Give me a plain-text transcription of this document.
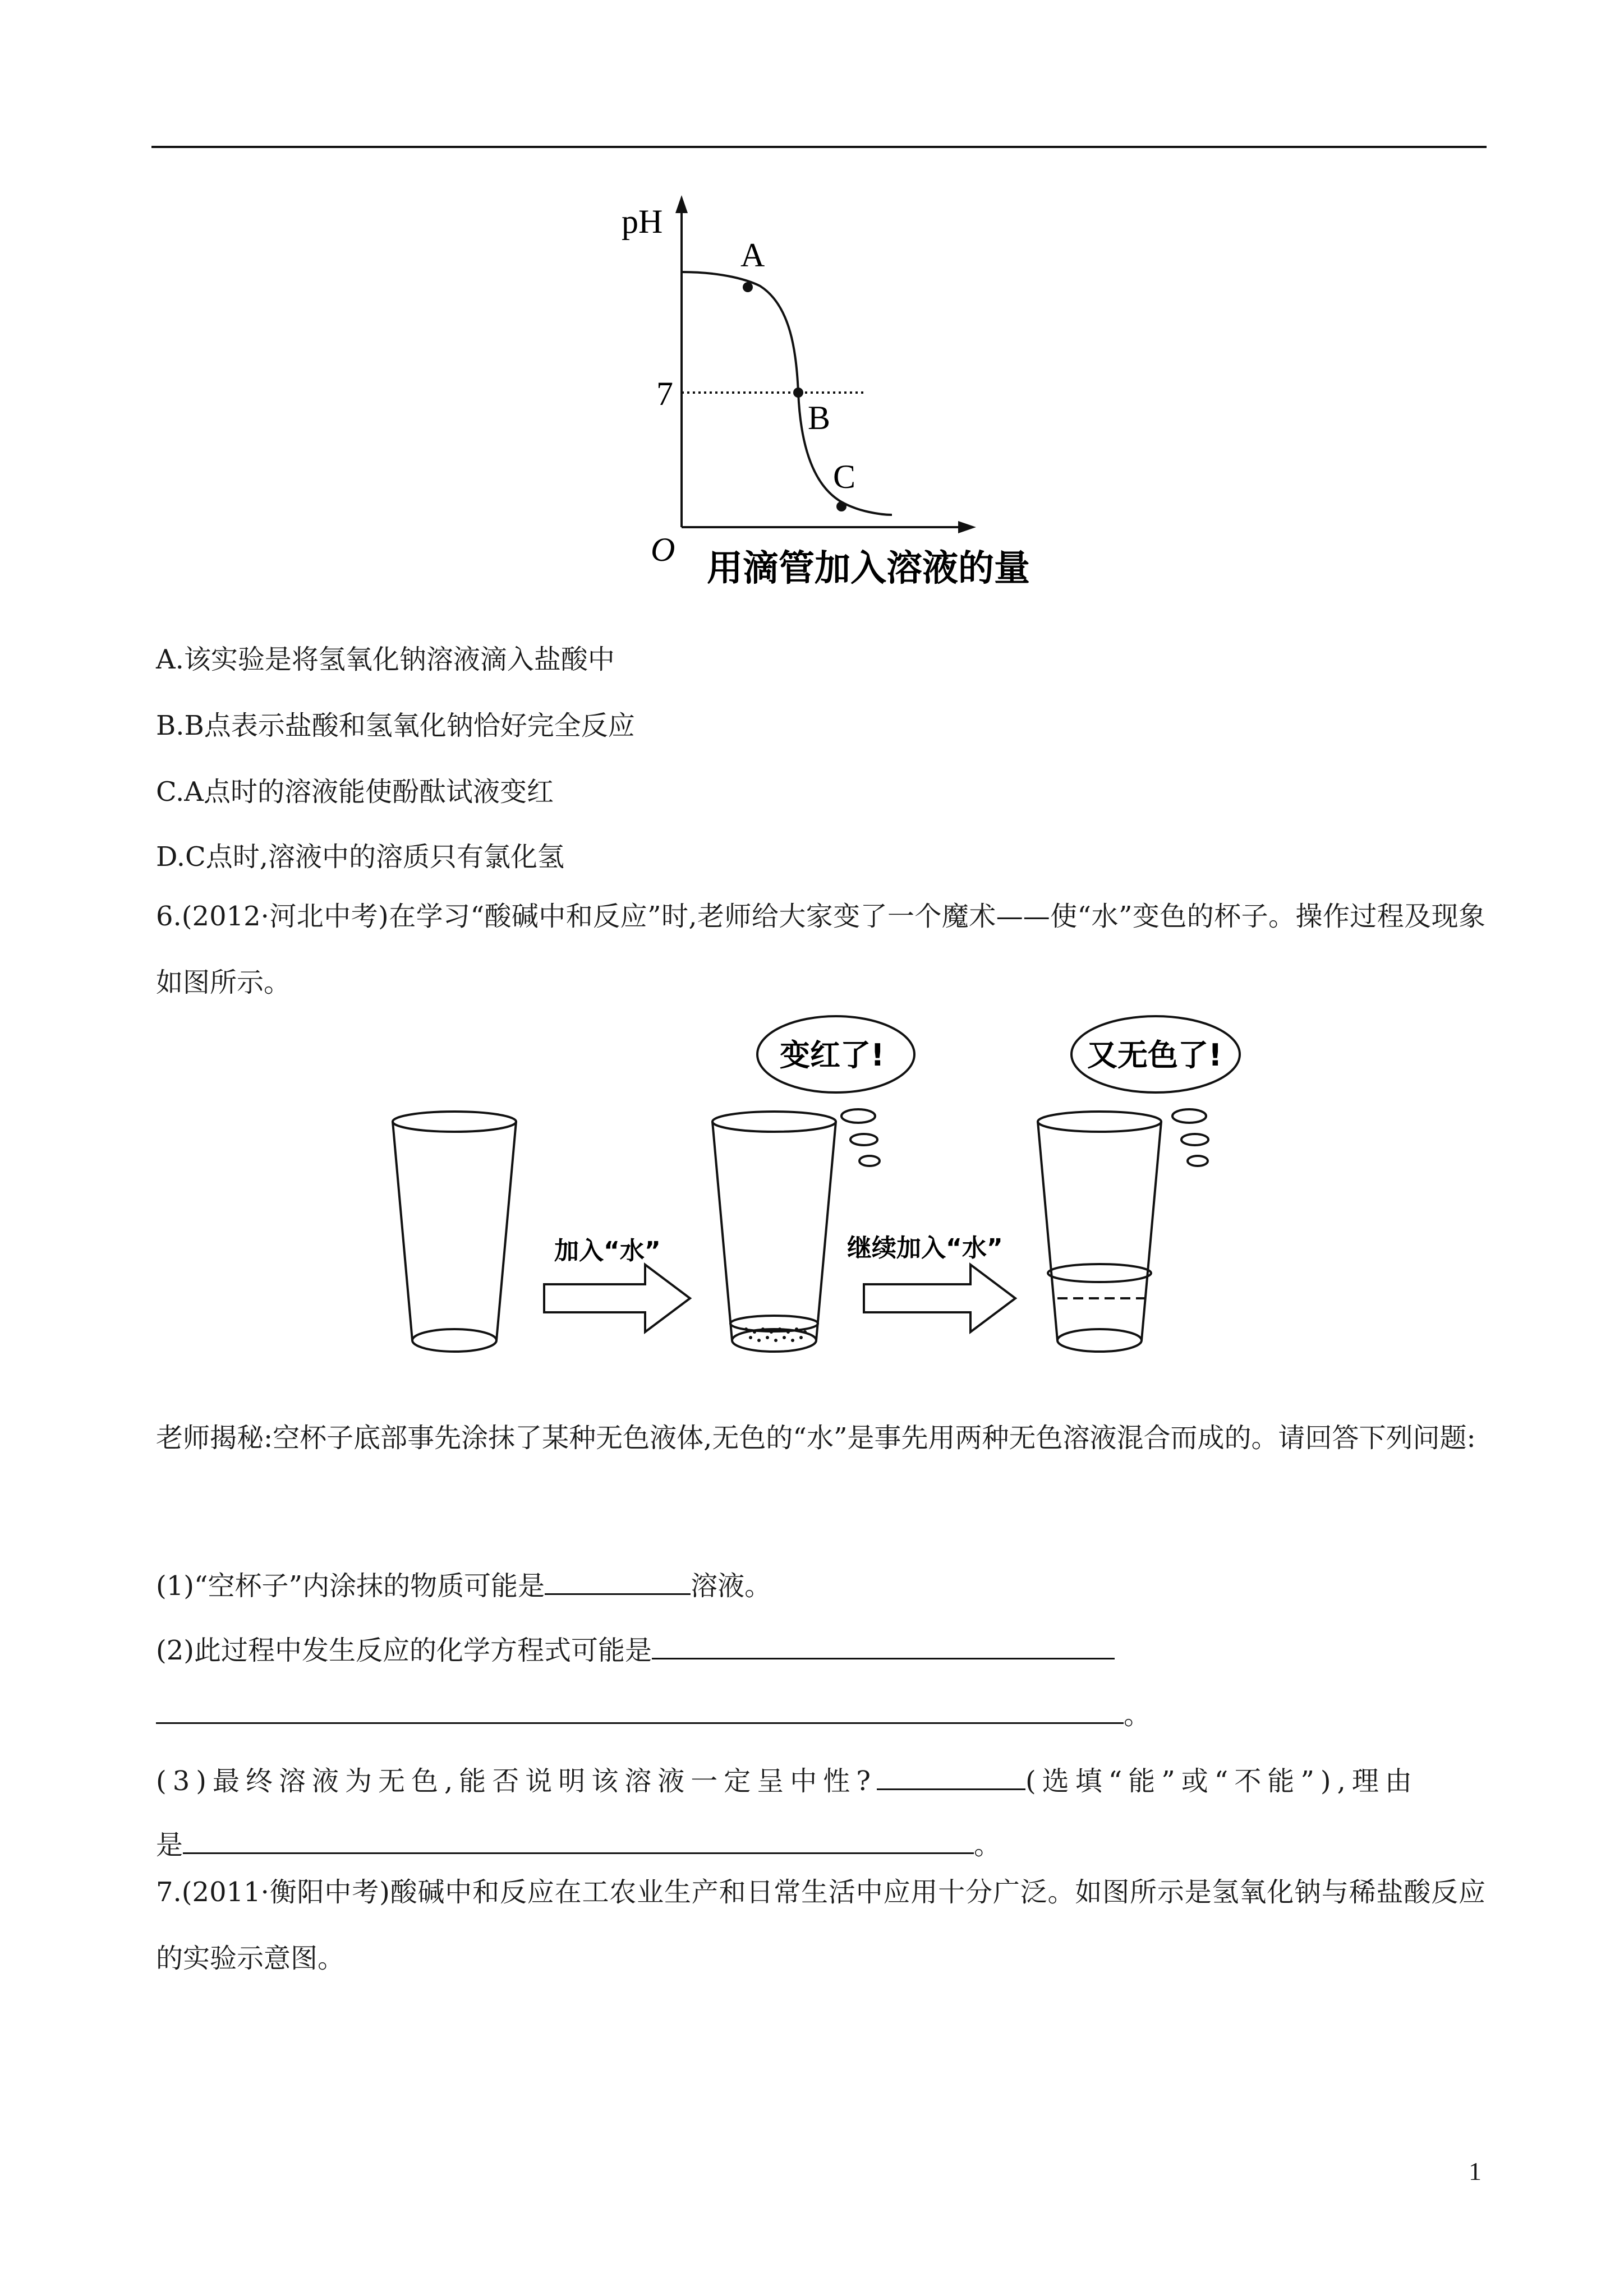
pH
7
O
A
B
C
用滴管加入溶液的量
A.该实验是将氢氧化钠溶液滴入盐酸中
B.B点表示盐酸和氢氧化钠恰好完全反应
C.A点时的溶液能使酚酞试液变红
D.C点时,溶液中的溶质只有氯化氢
6.(2012·河北中考)在学习“酸碱中和反应”时,老师给大家变了一个魔术——使“水”变色的杯子。操作过程及现象如图所示。
变红了!	又无色了!
加入“水”	继续加入“水”
老师揭秘:空杯子底部事先涂抹了某种无色液体,无色的“水”是事先用两种无色溶液混合而成的。请回答下列问题:
(1)“空杯子”内涂抹的物质可能是	溶液。
(2)此过程中发生反应的化学方程式可能是
。
(3)最终溶液为无色,能否说明该溶液一定呈中性?	(选填“能”或“不能”),理由
是	。
7.(2011·衡阳中考)酸碱中和反应在工农业生产和日常生活中应用十分广泛。如图所示是氢氧化钠与稀盐酸反应的实验示意图。
1
